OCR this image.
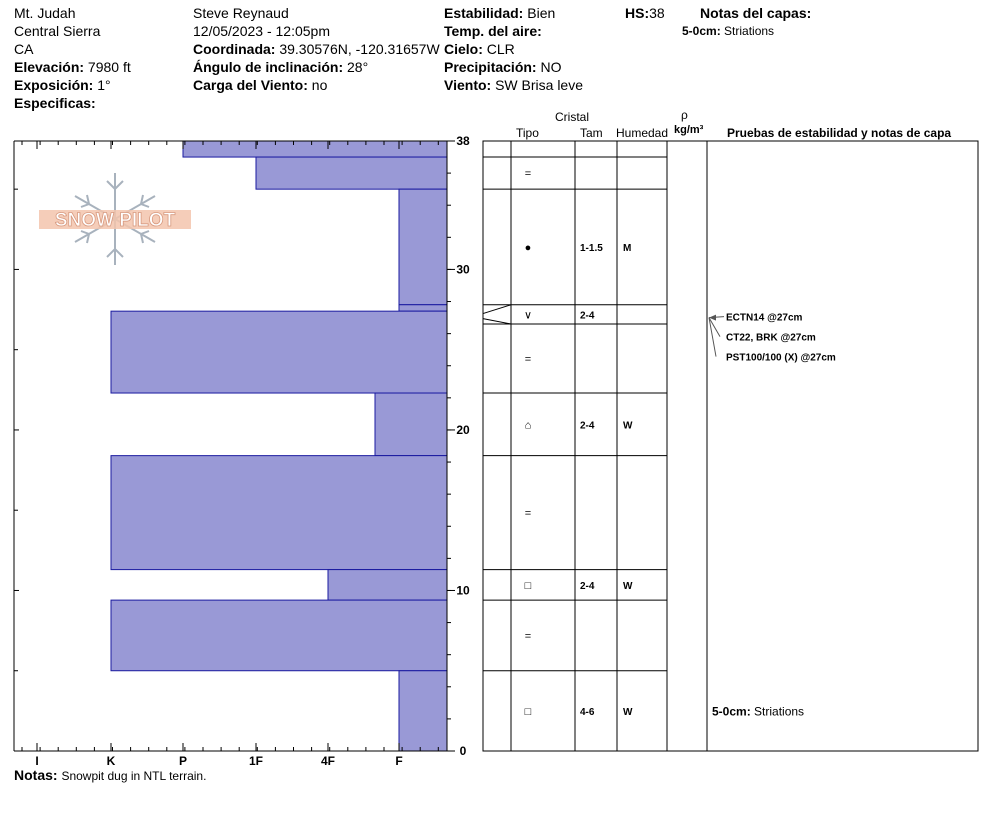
Mt. Judah
Central Sierra
CA
Elevación: 7980 ft
Exposición: 1°
Especificas:
Steve Reynaud
12/05/2023 - 12:05pm
Coordinada: 39.30576N, -120.31657W
Ángulo de inclinación: 28°
Carga del Viento: no
Estabilidad: Bien
Temp. del aire:
Cielo: CLR
Precipitación: NO
Viento: SW Brisa leve
HS:38	Notas del capas:
5-0cm: Striations
Cristal
Tipo	Tam Humedad
ρ
kg/m³ Pruebas de estabilidad y notas de capa
Notas: Snowpit dug in NTL terrain.
SNOW PILOT
I	K	P	1F	4F	F
0
10
20
30
38
=
●	1-1.5 M
∨	2-4
=
⌂	2-4	W
=
□	2-4	W
=
□	4-6	W
ECTN14 @27cm
CT22, BRK @27cm
PST100/100 (X) @27cm
5-0cm: Striations
